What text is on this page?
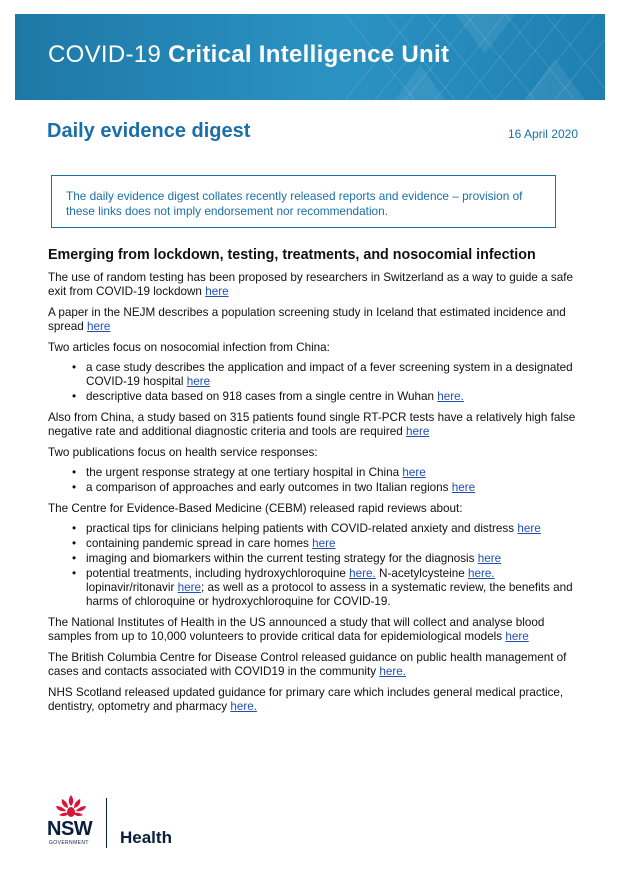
COVID-19 Critical Intelligence Unit
Daily evidence digest	16 April 2020
The daily evidence digest collates recently released reports and evidence – provision of these links does not imply endorsement nor recommendation.
Emerging from lockdown, testing, treatments, and nosocomial infection

The use of random testing has been proposed by researchers in Switzerland as a way to guide a safe exit from COVID-19 lockdown here

A paper in the NEJM describes a population screening study in Iceland that estimated incidence and spread here

Two articles focus on nosocomial infection from China:

• a case study describes the application and impact of a fever screening system in a designated COVID-19 hospital here
• descriptive data based on 918 cases from a single centre in Wuhan here.

Also from China, a study based on 315 patients found single RT-PCR tests have a relatively high false negative rate and additional diagnostic criteria and tools are required here

Two publications focus on health service responses:

• the urgent response strategy at one tertiary hospital in China here
• a comparison of approaches and early outcomes in two Italian regions here

The Centre for Evidence-Based Medicine (CEBM) released rapid reviews about:

• practical tips for clinicians helping patients with COVID-related anxiety and distress here
• containing pandemic spread in care homes here
• imaging and biomarkers within the current testing strategy for the diagnosis here
• potential treatments, including hydroxychloroquine here. N-acetylcysteine here. lopinavir/ritonavir here; as well as a protocol to assess in a systematic review, the benefits and harms of chloroquine or hydroxychloroquine for COVID-19.

The National Institutes of Health in the US announced a study that will collect and analyse blood samples from up to 10,000 volunteers to provide critical data for epidemiological models here

The British Columbia Centre for Disease Control released guidance on public health management of cases and contacts associated with COVID19 in the community here.

NHS Scotland released updated guidance for primary care which includes general medical practice, dentistry, optometry and pharmacy here.

NSW
GOVERNMENT Health
